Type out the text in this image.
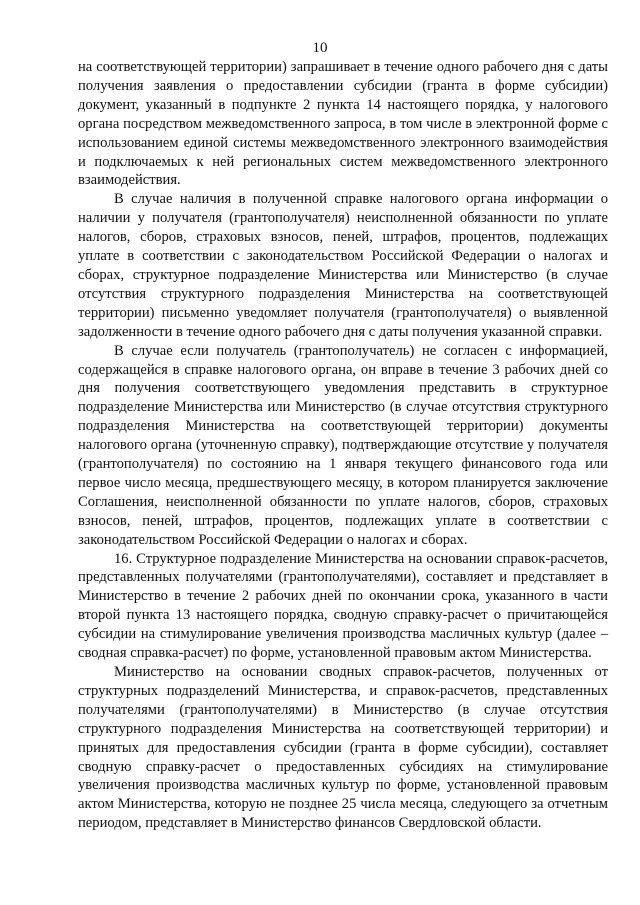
10

на соответствующей территории) запрашивает в течение одного рабочего дня с даты получения заявления о предоставлении субсидии (гранта в форме субсидии) документ, указанный в подпункте 2 пункта 14 настоящего порядка, у налогового органа посредством межведомственного запроса, в том числе в электронной форме с использованием единой системы межведомственного электронного взаимодействия и подключаемых к ней региональных систем межведомственного электронного взаимодействия.

В случае наличия в полученной справке налогового органа информации о наличии у получателя (грантополучателя) неисполненной обязанности по уплате налогов, сборов, страховых взносов, пеней, штрафов, процентов, подлежащих уплате в соответствии с законодательством Российской Федерации о налогах и сборах, структурное подразделение Министерства или Министерство (в случае отсутствия структурного подразделения Министерства на соответствующей территории) письменно уведомляет получателя (грантополучателя) о выявленной задолженности в течение одного рабочего дня с даты получения указанной справки.

В случае если получатель (грантополучатель) не согласен с информацией, содержащейся в справке налогового органа, он вправе в течение 3 рабочих дней со дня получения соответствующего уведомления представить в структурное подразделение Министерства или Министерство (в случае отсутствия структурного подразделения Министерства на соответствующей территории) документы налогового органа (уточненную справку), подтверждающие отсутствие у получателя (грантополучателя) по состоянию на 1 января текущего финансового года или первое число месяца, предшествующего месяцу, в котором планируется заключение Соглашения, неисполненной обязанности по уплате налогов, сборов, страховых взносов, пеней, штрафов, процентов, подлежащих уплате в соответствии с законодательством Российской Федерации о налогах и сборах.

16. Структурное подразделение Министерства на основании справок-расчетов, представленных получателями (грантополучателями), составляет и представляет в Министерство в течение 2 рабочих дней по окончании срока, указанного в части второй пункта 13 настоящего порядка, сводную справку-расчет о причитающейся субсидии на стимулирование увеличения производства масличных культур (далее – сводная справка-расчет) по форме, установленной правовым актом Министерства.

Министерство на основании сводных справок-расчетов, полученных от структурных подразделений Министерства, и справок-расчетов, представленных получателями (грантополучателями) в Министерство (в случае отсутствия структурного подразделения Министерства на соответствующей территории) и принятых для предоставления субсидии (гранта в форме субсидии), составляет сводную справку-расчет о предоставленных субсидиях на стимулирование увеличения производства масличных культур по форме, установленной правовым актом Министерства, которую не позднее 25 числа месяца, следующего за отчетным периодом, представляет в Министерство финансов Свердловской области.
